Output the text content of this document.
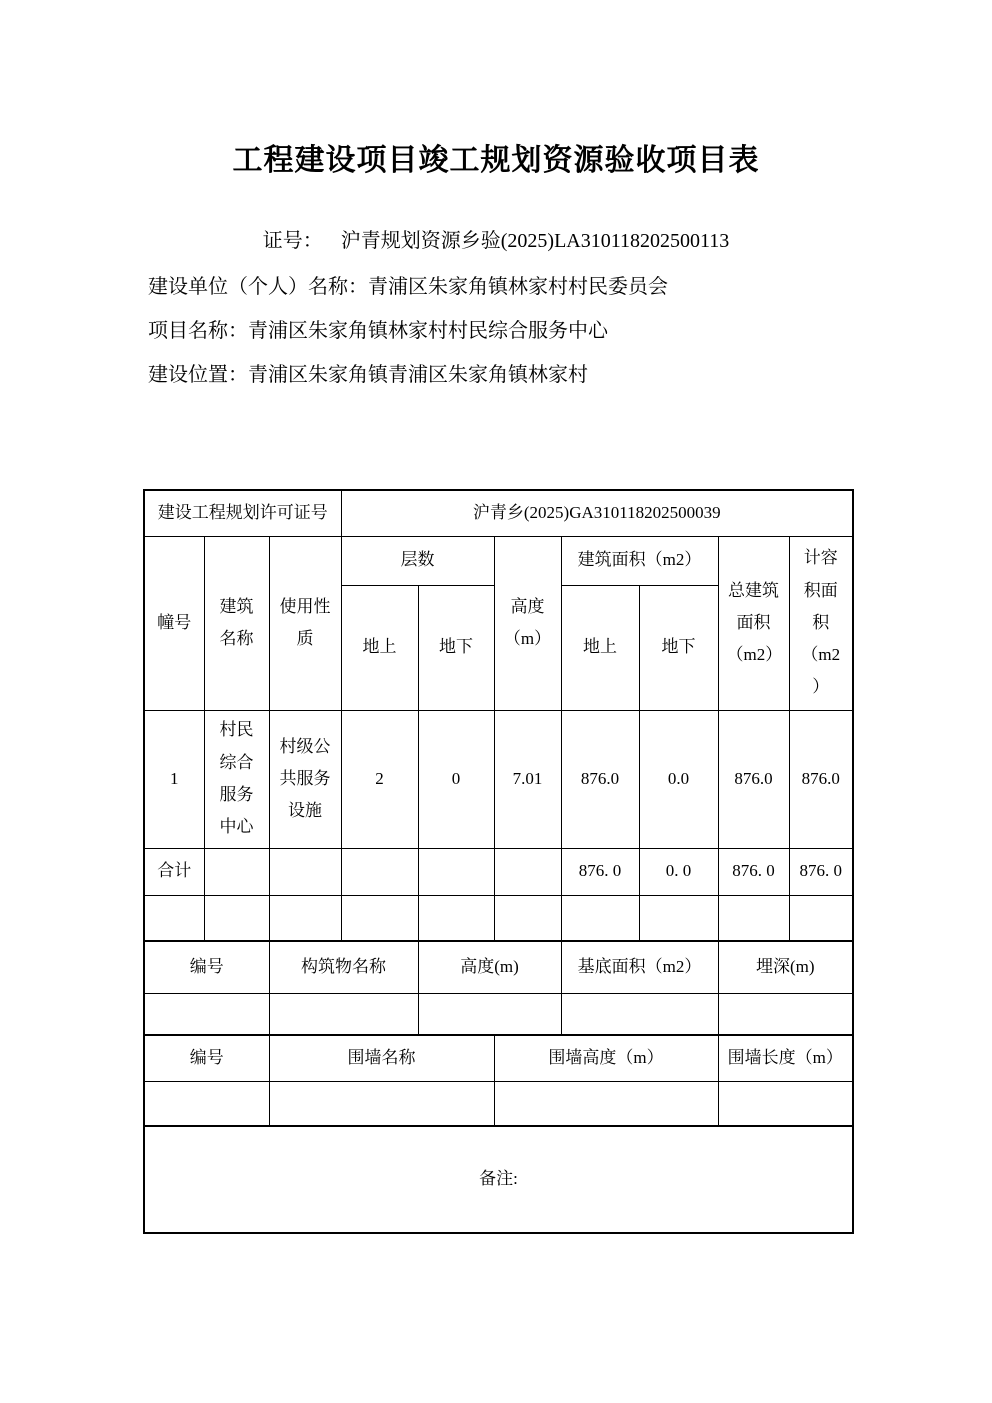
工程建设项目竣工规划资源验收项目表
证号： 沪青规划资源乡验(2025)LA310118202500113
建设单位（个人）名称：青浦区朱家角镇林家村村民委员会
项目名称：青浦区朱家角镇林家村村民综合服务中心
建设位置：青浦区朱家角镇青浦区朱家角镇林家村
建设工程规划许可证号			沪青乡(2025)GA310118202500039						
幢号	建筑名称	使用性质	层数		高度（m）	建筑面积（m2）		总建筑面积（m2）	计容积面积（m2）
			地上	地下		地上	地下		
1	村民综合服务中心	村级公共服务设施	2	0	7.01	876.0	0.0	876.0	876.0
合计						876. 0	0. 0	876. 0	876. 0

编号		构筑物名称		高度(m)		基底面积（m2）		埋深(m)	

编号		围墙名称			围墙高度（m）			围墙长度（m）	

备注:									
